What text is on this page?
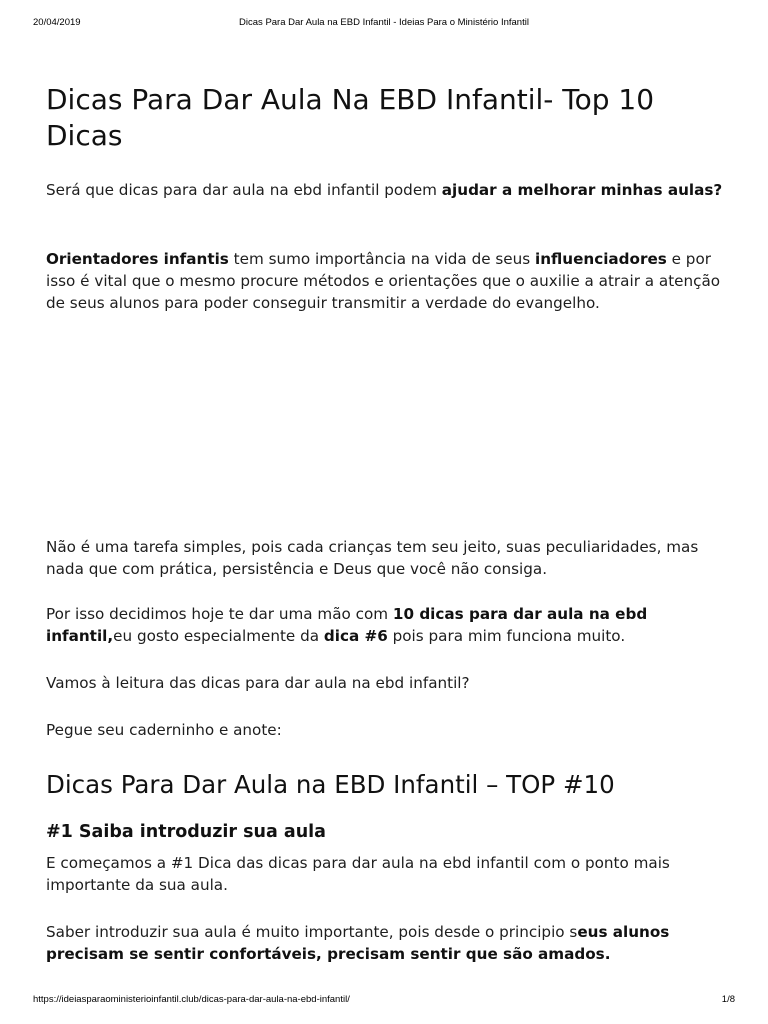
20/04/2019	Dicas Para Dar Aula na EBD Infantil - Ideias Para o Ministério Infantil
Dicas Para Dar Aula Na EBD Infantil- Top 10 Dicas

Será que dicas para dar aula na ebd infantil podem ajudar a melhorar minhas aulas?

Orientadores infantis tem sumo importância na vida de seus influenciadores e por isso é vital que o mesmo procure métodos e orientações que o auxilie a atrair a atenção de seus alunos para poder conseguir transmitir a verdade do evangelho.

Não é uma tarefa simples, pois cada crianças tem seu jeito, suas peculiaridades, mas nada que com prática, persistência e Deus que você não consiga.

Por isso decidimos hoje te dar uma mão com 10 dicas para dar aula na ebd infantil,eu gosto especialmente da dica #6 pois para mim funciona muito.

Vamos à leitura das dicas para dar aula na ebd infantil?

Pegue seu caderninho e anote:

Dicas Para Dar Aula na EBD Infantil – TOP #10
#1 Saiba introduzir sua aula

E começamos a #1 Dica das dicas para dar aula na ebd infantil com o ponto mais importante da sua aula.

Saber introduzir sua aula é muito importante, pois desde o principio seus alunos precisam se sentir confortáveis, precisam sentir que são amados.

https://ideiasparaoministerioinfantil.club/dicas-para-dar-aula-na-ebd-infantil/	1/8
